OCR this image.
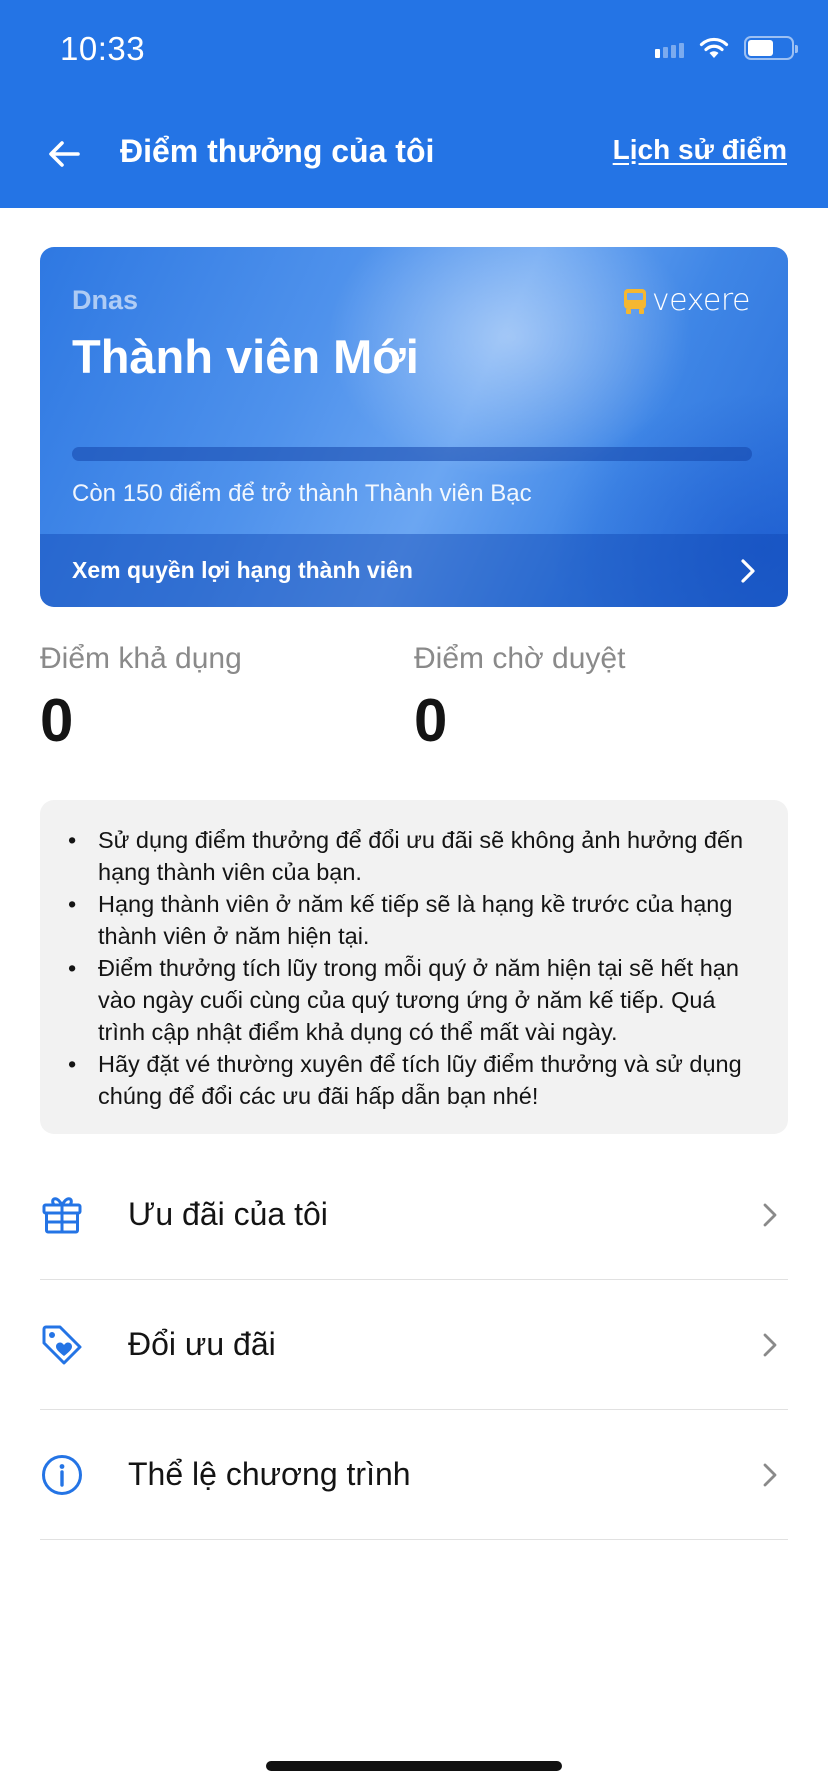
10:33
Điểm thưởng của tôi	Lịch sử điểm
Dnas
Thành viên Mới
vexere
Còn 150 điểm để trở thành Thành viên Bạc
Xem quyền lợi hạng thành viên
Điểm khả dụng
0
Điểm chờ duyệt
0
• Sử dụng điểm thưởng để đổi ưu đãi sẽ không ảnh hưởng đến hạng thành viên của bạn.
• Hạng thành viên ở năm kế tiếp sẽ là hạng kề trước của hạng thành viên ở năm hiện tại.
• Điểm thưởng tích lũy trong mỗi quý ở năm hiện tại sẽ hết hạn vào ngày cuối cùng của quý tương ứng ở năm kế tiếp. Quá trình cập nhật điểm khả dụng có thể mất vài ngày.
• Hãy đặt vé thường xuyên để tích lũy điểm thưởng và sử dụng chúng để đổi các ưu đãi hấp dẫn bạn nhé!
Ưu đãi của tôi
Đổi ưu đãi
Thể lệ chương trình
